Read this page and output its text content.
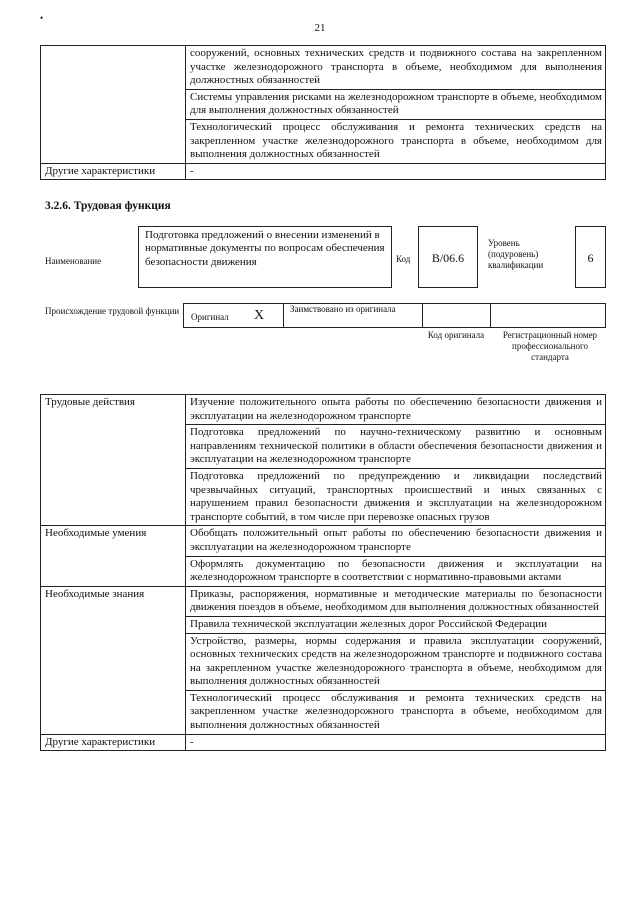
•
21
	сооружений, основных технических средств и подвижного состава на закрепленном участке железнодорожного транспорта в объеме, необходимом для выполнения должностных обязанностей
	Системы управления рисками на железнодорожном транспорте в объеме, необходимом для выполнения должностных обязанностей
	Технологический процесс обслуживания и ремонта технических средств на закрепленном участке железнодорожного транспорта в объеме, необходимом для выполнения должностных обязанностей
Другие характеристики	-
3.2.6. Трудовая функция
Наименование
Подготовка предложений о внесении изменений в нормативные документы по вопросам обеспечения безопасности движения	Код	B/06.6
Уровень (подуровень) квалификации	6
Происхождение трудовой функции
Оригинал X	Заимствовано из оригинала
Код оригинала	Регистрационный номер профессионального стандарта
Трудовые действия	Изучение положительного опыта работы по обеспечению безопасности движения и эксплуатации на железнодорожном транспорте
	Подготовка предложений по научно-техническому развитию и основным направлениям технической политики в области обеспечения безопасности движения и эксплуатации на железнодорожном транспорте
	Подготовка предложений по предупреждению и ликвидации последствий чрезвычайных ситуаций, транспортных происшествий и иных связанных с нарушением правил безопасности движения и эксплуатации на железнодорожном транспорте событий, в том числе при перевозке опасных грузов
Необходимые умения	Обобщать положительный опыт работы по обеспечению безопасности движения и эксплуатации на железнодорожном транспорте
	Оформлять документацию по безопасности движения и эксплуатации на железнодорожном транспорте в соответствии с нормативно-правовыми актами
Необходимые знания	Приказы, распоряжения, нормативные и методические материалы по безопасности движения поездов в объеме, необходимом для выполнения должностных обязанностей
	Правила технической эксплуатации железных дорог Российской Федерации
	Устройство, размеры, нормы содержания и правила эксплуатации сооружений, основных технических средств на железнодорожном транспорте и подвижного состава на закрепленном участке железнодорожного транспорта в объеме, необходимом для выполнения должностных обязанностей
	Технологический процесс обслуживания и ремонта технических средств на закрепленном участке железнодорожного транспорта в объеме, необходимом для выполнения должностных обязанностей
Другие характеристики	-
